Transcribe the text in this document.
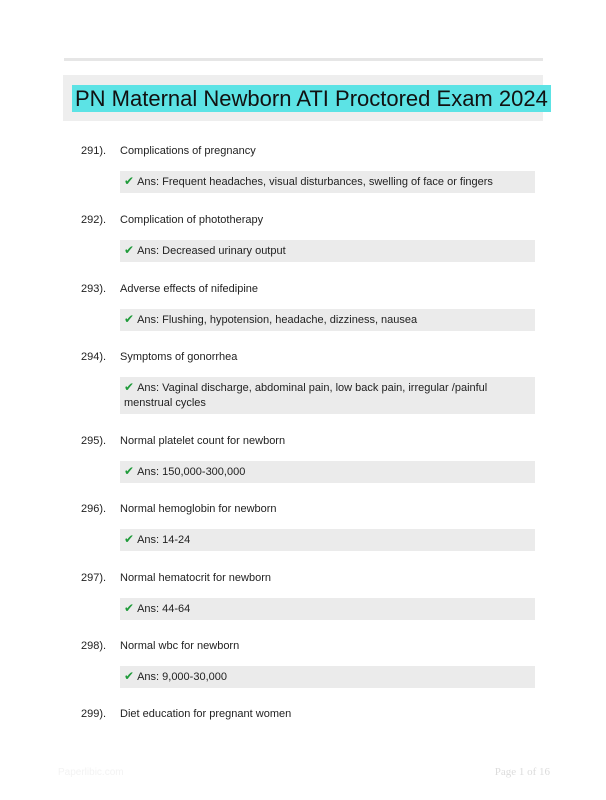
PN Maternal Newborn ATI Proctored Exam 2024
291). Complications of pregnancy
✔ Ans: Frequent headaches, visual disturbances, swelling of face or fingers
292). Complication of phototherapy
✔ Ans: Decreased urinary output
293). Adverse effects of nifedipine
✔ Ans: Flushing, hypotension, headache, dizziness, nausea
294). Symptoms of gonorrhea
✔ Ans: Vaginal discharge, abdominal pain, low back pain, irregular /painful menstrual cycles
295). Normal platelet count for newborn
✔ Ans: 150,000-300,000
296). Normal hemoglobin for newborn
✔ Ans: 14-24
297). Normal hematocrit for newborn
✔ Ans: 44-64
298). Normal wbc for newborn
✔ Ans: 9,000-30,000
299). Diet education for pregnant women
Paperlibic.com	Page 1 of 16
